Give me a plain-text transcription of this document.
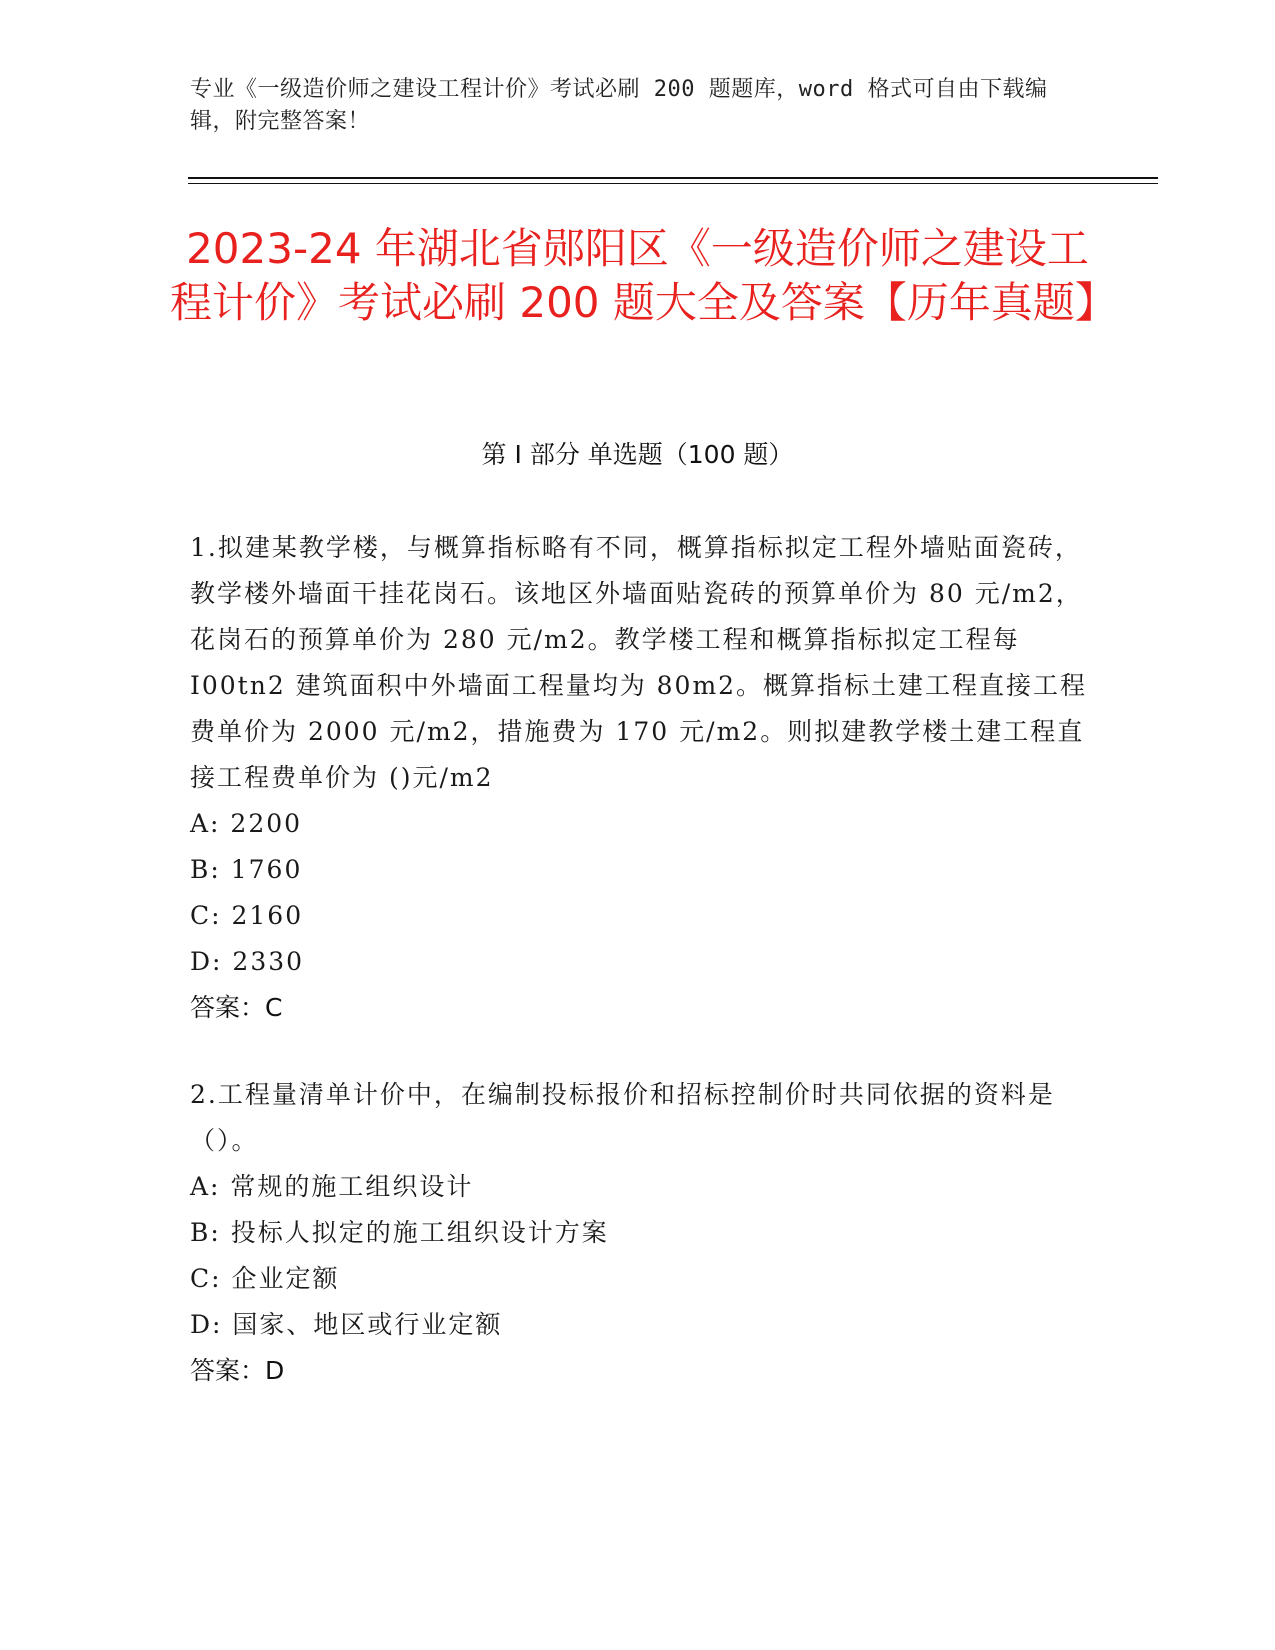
专业《一级造价师之建设工程计价》考试必刷 200 题题库，word 格式可自由下载编辑，附完整答案！
2023-24 年湖北省郧阳区《一级造价师之建设工程计价》考试必刷 200 题大全及答案【历年真题】
第 I 部分 单选题（100 题）
1.拟建某教学楼，与概算指标略有不同，概算指标拟定工程外墙贴面瓷砖，教学楼外墙面干挂花岗石。该地区外墙面贴瓷砖的预算单价为 80 元/m2，花岗石的预算单价为 280 元/m2。教学楼工程和概算指标拟定工程每 I00tn2 建筑面积中外墙面工程量均为 80m2。概算指标土建工程直接工程费单价为 2000 元/m2，措施费为 170 元/m2。则拟建教学楼土建工程直接工程费单价为 ()元/m2
A: 2200
B: 1760
C: 2160
D: 2330
答案：C
2.工程量清单计价中，在编制投标报价和招标控制价时共同依据的资料是（）。
A: 常规的施工组织设计
B: 投标人拟定的施工组织设计方案
C: 企业定额
D: 国家、地区或行业定额
答案：D
